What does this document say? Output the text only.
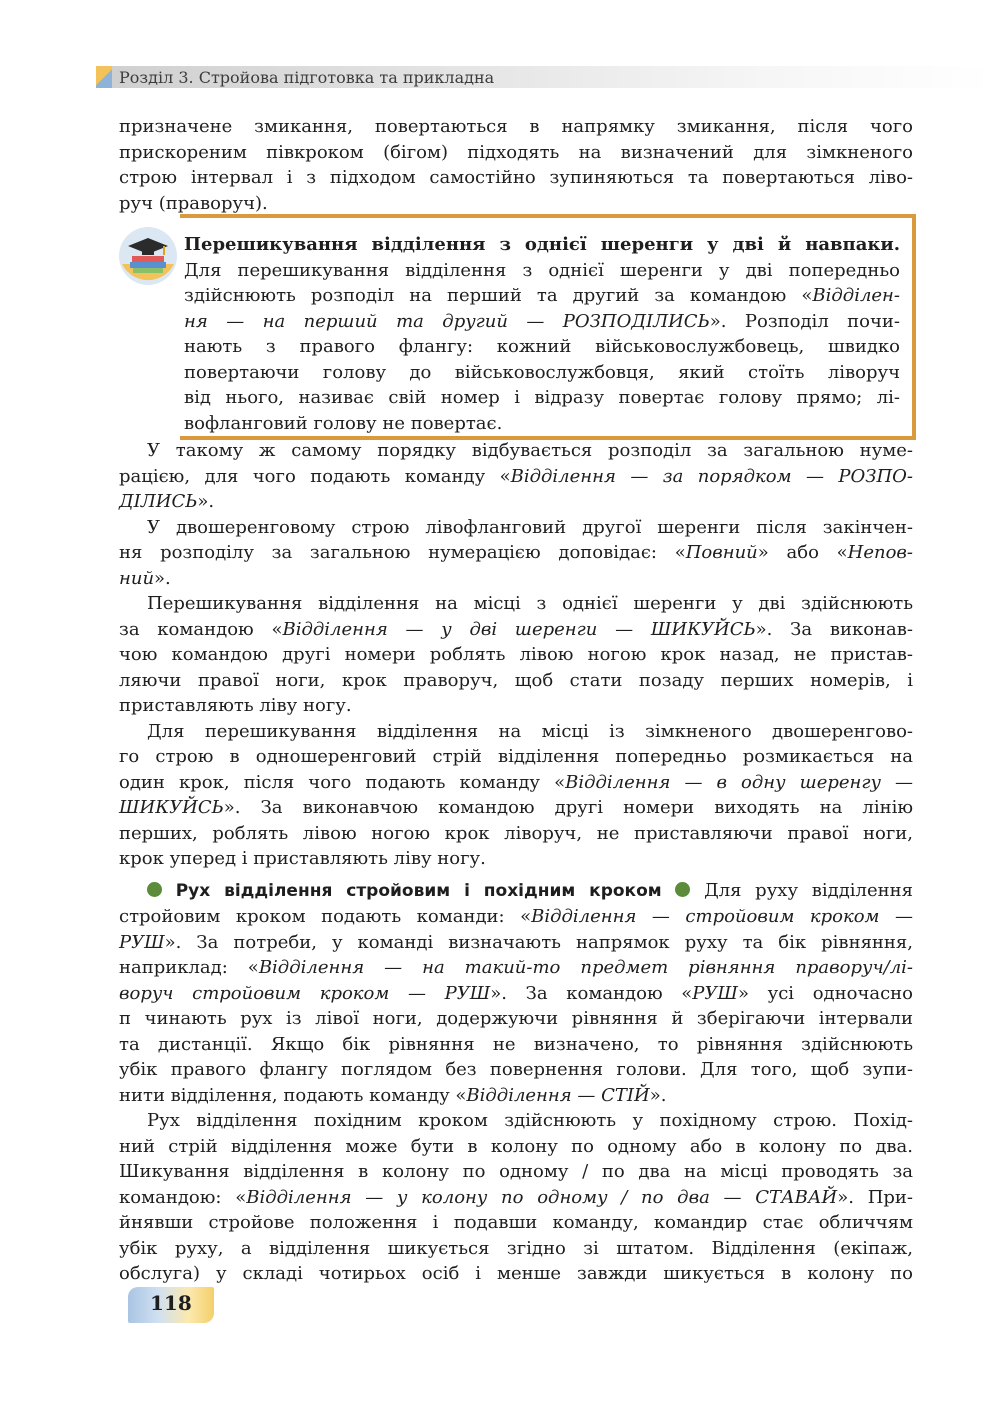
Розділ 3. Стройова підготовка та прикладна
призначене змикання, повертаються в напрямку змикання, після чого
прискореним півкроком (бігом) підходять на визначений для зімкненого
строю інтервал і з підходом самостійно зупиняються та повертаються ліво-
руч (праворуч).
Перешикування відділення з однієї шеренги у дві й навпаки.
Для перешикування відділення з однієї шеренги у дві попередньо
здійснюють розподіл на перший та другий за командою «Відділен-
ня — на перший та другий — РОЗПОДІЛИСЬ». Розподіл почи-
нають з правого флангу: кожний військовослужбовець, швидко
повертаючи голову до військовослужбовця, який стоїть ліворуч
від нього, називає свій номер і відразу повертає голову прямо; лі-
вофланговий голову не повертає.
У такому ж самому порядку відбувається розподіл за загальною нуме-
рацією, для чого подають команду «Відділення — за порядком — РОЗПО-
ДІЛИСЬ».
У двошеренговому строю лівофланговий другої шеренги після закінчен-
ня розподілу за загальною нумерацією доповідає: «Повний» або «Непов-
ний».
Перешикування відділення на місці з однієї шеренги у дві здійснюють
за командою «Відділення — у дві шеренги — ШИКУЙСЬ». За виконав-
чою командою другі номери роблять лівою ногою крок назад, не пристав-
ляючи правої ноги, крок праворуч, щоб стати позаду перших номерів, і
приставляють ліву ногу.
Для перешикування відділення на місці із зімкненого двошеренгово-
го строю в одношеренговий стрій відділення попередньо розмикається на
один крок, після чого подають команду «Відділення — в одну шеренгу —
ШИКУЙСЬ». За виконавчою командою другі номери виходять на лінію
перших, роблять лівою ногою крок ліворуч, не приставляючи правої ноги,
крок уперед і приставляють ліву ногу.
Рух відділення стройовим і похідним кроком  Для руху відділення
стройовим кроком подають команди: «Відділення — стройовим кроком —
РУШ». За потреби, у команді визначають напрямок руху та бік рівняння,
наприклад: «Відділення — на такий-то предмет рівняння праворуч/лі-
воруч стройовим кроком — РУШ». За командою «РУШ» усі одночасно
п чинають рух із лівої ноги, додержуючи рівняння й зберігаючи інтервали
та дистанції. Якщо бік рівняння не визначено, то рівняння здійснюють
убік правого флангу поглядом без повернення голови. Для того, щоб зупи-
нити відділення, подають команду «Відділення — СТІЙ».
Рух відділення похідним кроком здійснюють у похідному строю. Похід-
ний стрій відділення може бути в колону по одному або в колону по два.
Шикування відділення в колону по одному / по два на місці проводять за
командою: «Відділення — у колону по одному / по два — СТАВАЙ». При-
йнявши стройове положення і подавши команду, командир стає обличчям
убік руху, а відділення шикується згідно зі штатом. Відділення (екіпаж,
обслуга) у складі чотирьох осіб і менше завжди шикується в колону по
118
